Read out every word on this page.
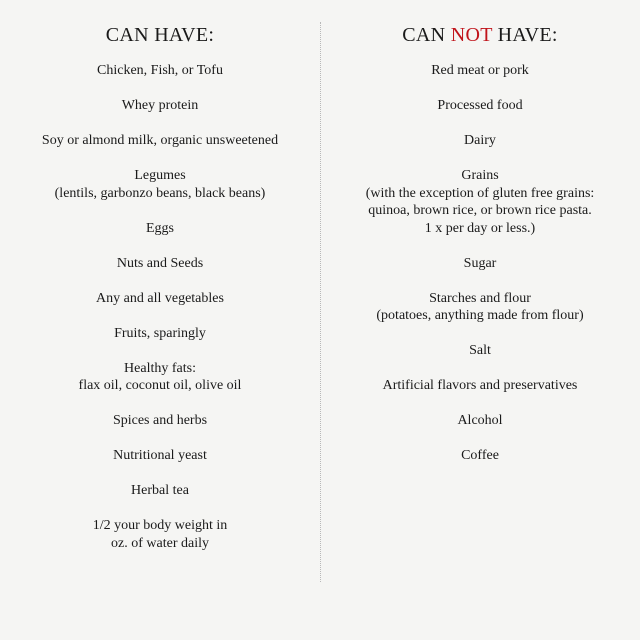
CAN HAVE:
Chicken, Fish, or Tofu
Whey protein
Soy or almond milk, organic unsweetened
Legumes
(lentils, garbonzo beans, black beans)
Eggs
Nuts and Seeds
Any and all vegetables
Fruits, sparingly
Healthy fats:
flax oil, coconut oil, olive oil
Spices and herbs
Nutritional yeast
Herbal tea
1/2 your body weight in
oz. of water daily
CAN NOT HAVE:
Red meat or pork
Processed food
Dairy
Grains
(with the exception of gluten free grains:
quinoa, brown rice, or brown rice pasta.
1 x per day or less.)
Sugar
Starches and flour
(potatoes, anything made from flour)
Salt
Artificial flavors and preservatives
Alcohol
Coffee
